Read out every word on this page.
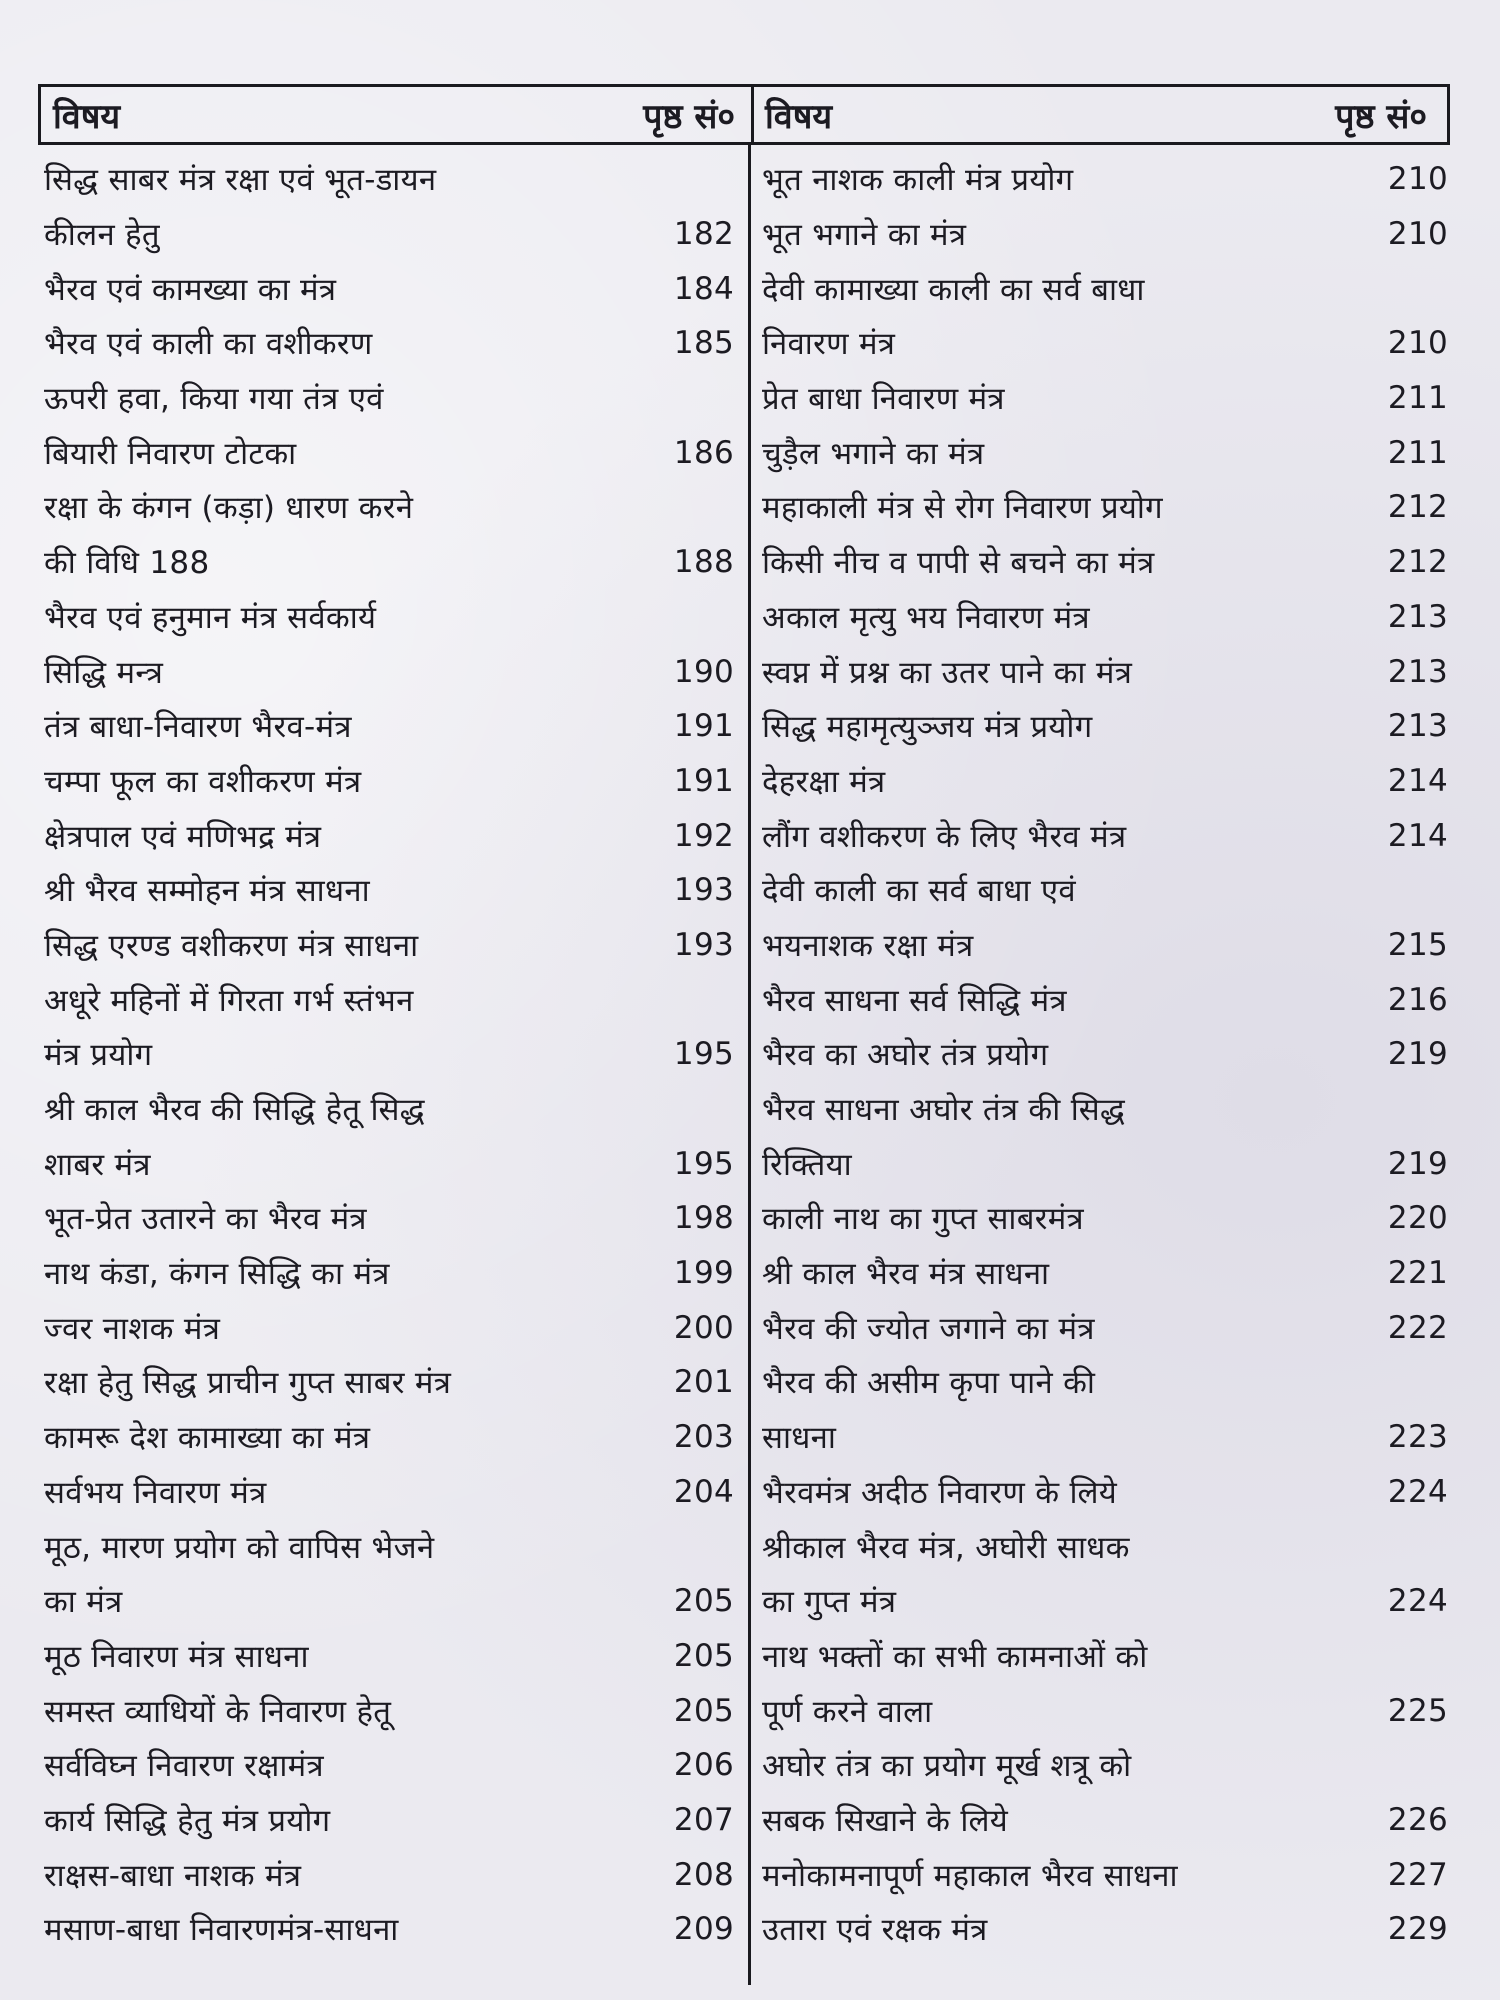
विषय	पृष्ठ सं० विषय	पृष्ठ सं०
सिद्ध साबर मंत्र रक्षा एवं भूत-डायन
कीलन हेतु	182
भैरव एवं कामख्या का मंत्र	184
भैरव एवं काली का वशीकरण	185
ऊपरी हवा, किया गया तंत्र एवं
बियारी निवारण टोटका	186
रक्षा के कंगन (कड़ा) धारण करने
की विधि 188	188
भैरव एवं हनुमान मंत्र सर्वकार्य
सिद्धि मन्त्र	190
तंत्र बाधा-निवारण भैरव-मंत्र	191
चम्पा फूल का वशीकरण मंत्र	191
क्षेत्रपाल एवं मणिभद्र मंत्र	192
श्री भैरव सम्मोहन मंत्र साधना	193
सिद्ध एरण्ड वशीकरण मंत्र साधना	193
अधूरे महिनों में गिरता गर्भ स्तंभन
मंत्र प्रयोग	195
श्री काल भैरव की सिद्धि हेतू सिद्ध
शाबर मंत्र	195
भूत-प्रेत उतारने का भैरव मंत्र	198
नाथ कंडा, कंगन सिद्धि का मंत्र	199
ज्वर नाशक मंत्र	200
रक्षा हेतु सिद्ध प्राचीन गुप्त साबर मंत्र	201
कामरू देश कामाख्या का मंत्र	203
सर्वभय निवारण मंत्र	204
मूठ, मारण प्रयोग को वापिस भेजने
का मंत्र	205
मूठ निवारण मंत्र साधना	205
समस्त व्याधियों के निवारण हेतू	205
सर्वविघ्न निवारण रक्षामंत्र	206
कार्य सिद्धि हेतु मंत्र प्रयोग	207
राक्षस-बाधा नाशक मंत्र	208
मसाण-बाधा निवारणमंत्र-साधना	209
भूत नाशक काली मंत्र प्रयोग	210
भूत भगाने का मंत्र	210
देवी कामाख्या काली का सर्व बाधा
निवारण मंत्र	210
प्रेत बाधा निवारण मंत्र	211
चुड़ैल भगाने का मंत्र	211
महाकाली मंत्र से रोग निवारण प्रयोग	212
किसी नीच व पापी से बचने का मंत्र	212
अकाल मृत्यु भय निवारण मंत्र	213
स्वप्न में प्रश्न का उतर पाने का मंत्र	213
सिद्ध महामृत्युञ्जय मंत्र प्रयोग	213
देहरक्षा मंत्र	214
लौंग वशीकरण के लिए भैरव मंत्र	214
देवी काली का सर्व बाधा एवं
भयनाशक रक्षा मंत्र	215
भैरव साधना सर्व सिद्धि मंत्र	216
भैरव का अघोर तंत्र प्रयोग	219
भैरव साधना अघोर तंत्र की सिद्ध
रिक्तिया	219
काली नाथ का गुप्त साबरमंत्र	220
श्री काल भैरव मंत्र साधना	221
भैरव की ज्योत जगाने का मंत्र	222
भैरव की असीम कृपा पाने की
साधना	223
भैरवमंत्र अदीठ निवारण के लिये	224
श्रीकाल भैरव मंत्र, अघोरी साधक
का गुप्त मंत्र	224
नाथ भक्तों का सभी कामनाओं को
पूर्ण करने वाला	225
अघोर तंत्र का प्रयोग मूर्ख शत्रू को
सबक सिखाने के लिये	226
मनोकामनापूर्ण महाकाल भैरव साधना	227
उतारा एवं रक्षक मंत्र	229
